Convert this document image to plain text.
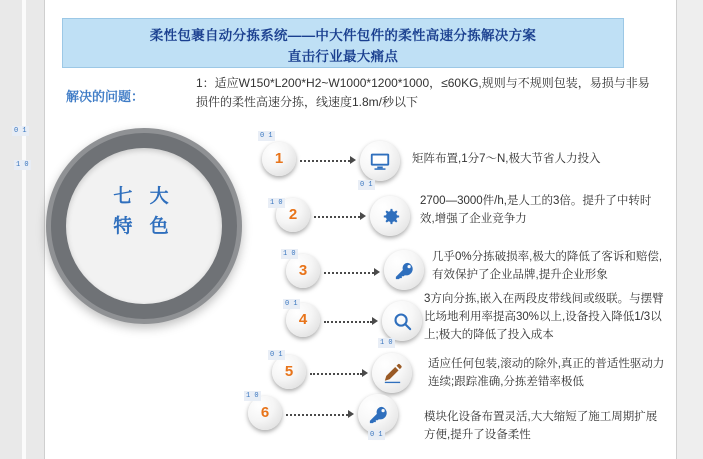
柔性包裹自动分拣系统——中大件包件的柔性高速分拣解决方案
直击行业最大痛点
解决的问题：
1：适应W150*L200*H2~W1000*1200*1000，≤60KG,规则与不规则包装，易损与非易损件的柔性高速分拣，线速度1.8m/秒以下
七 大
特 色
1	矩阵布置,1分7～N,极大节省人力投入
2
2700—3000件/h,是人工的3倍。提升了中转时效,增强了企业竞争力
3
几乎0%分拣破损率,极大的降低了客诉和赔偿,有效保护了企业品牌,提升企业形象
4
3方向分拣,嵌入在两段皮带线间或级联。与摆臂比场地利用率提高30%以上,设备投入降低1/3以上;极大的降低了投入成本
5	适应任何包装,滚动的除外,真正的普适性驱动力连续;跟踪准确,分拣差错率极低
6	模块化设备布置灵活,大大缩短了施工周期扩展方便,提升了设备柔性
0 1
1 0
0 1
1 0
0 1
1 0
0 1
1 0
0 1
1 0
0 1
